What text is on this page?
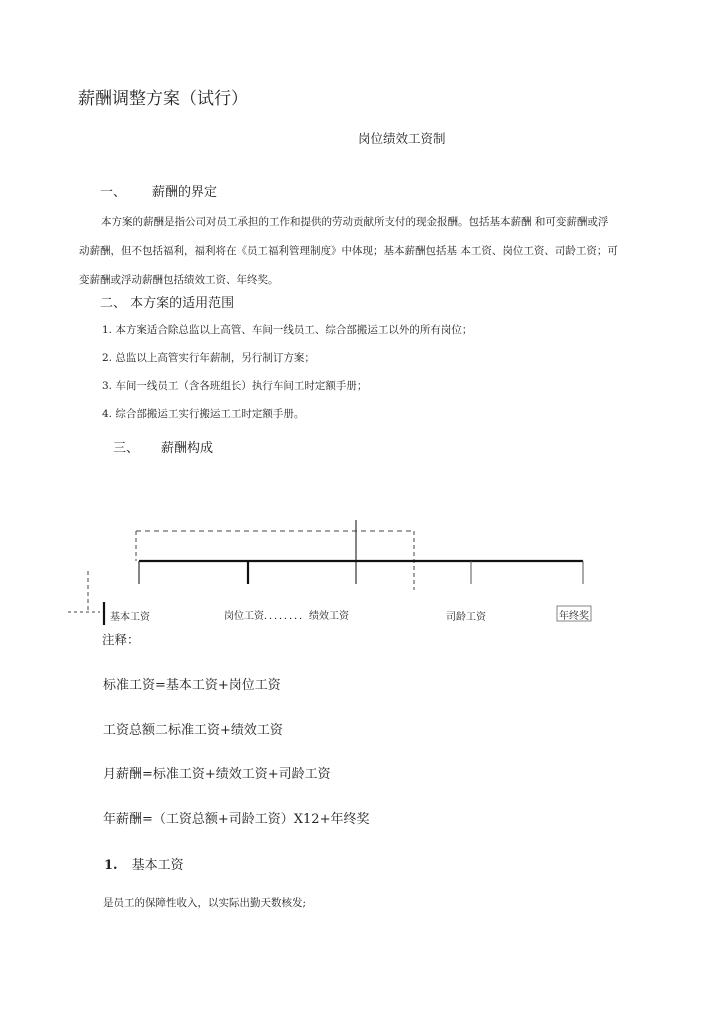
薪酬调整方案（试行）
岗位绩效工资制
一、 薪酬的界定
本方案的薪酬是指公司对员工承担的工作和提供的劳动贡献所支付的现金报酬。包括基本薪酬 和可变薪酬或浮
动薪酬，但不包括福利，福利将在《员工福利管理制度》中体现；基本薪酬包括基 本工资、岗位工资、司龄工资；可
变薪酬或浮动薪酬包括绩效工资、年终奖。
二、 本方案的适用范围
1. 本方案适合除总监以上高管、车间一线员工、综合部搬运工以外的所有岗位；
2. 总监以上高管实行年薪制，另行制订方案；
3. 车间一线员工（含各班组长）执行车间工时定额手册；
4. 综合部搬运工实行搬运工工时定额手册。
三、 薪酬构成
基本工资	岗位工资．．．．．．．．绩效工资	司龄工资	年终奖
注释：
标准工资=基本工资+岗位工资
工资总额二标准工资+绩效工资
月薪酬=标准工资+绩效工资+司龄工资
年薪酬=（工资总额+司龄工资）X12+年终奖
1. 基本工资
是员工的保障性收入，以实际出勤天数核发;
